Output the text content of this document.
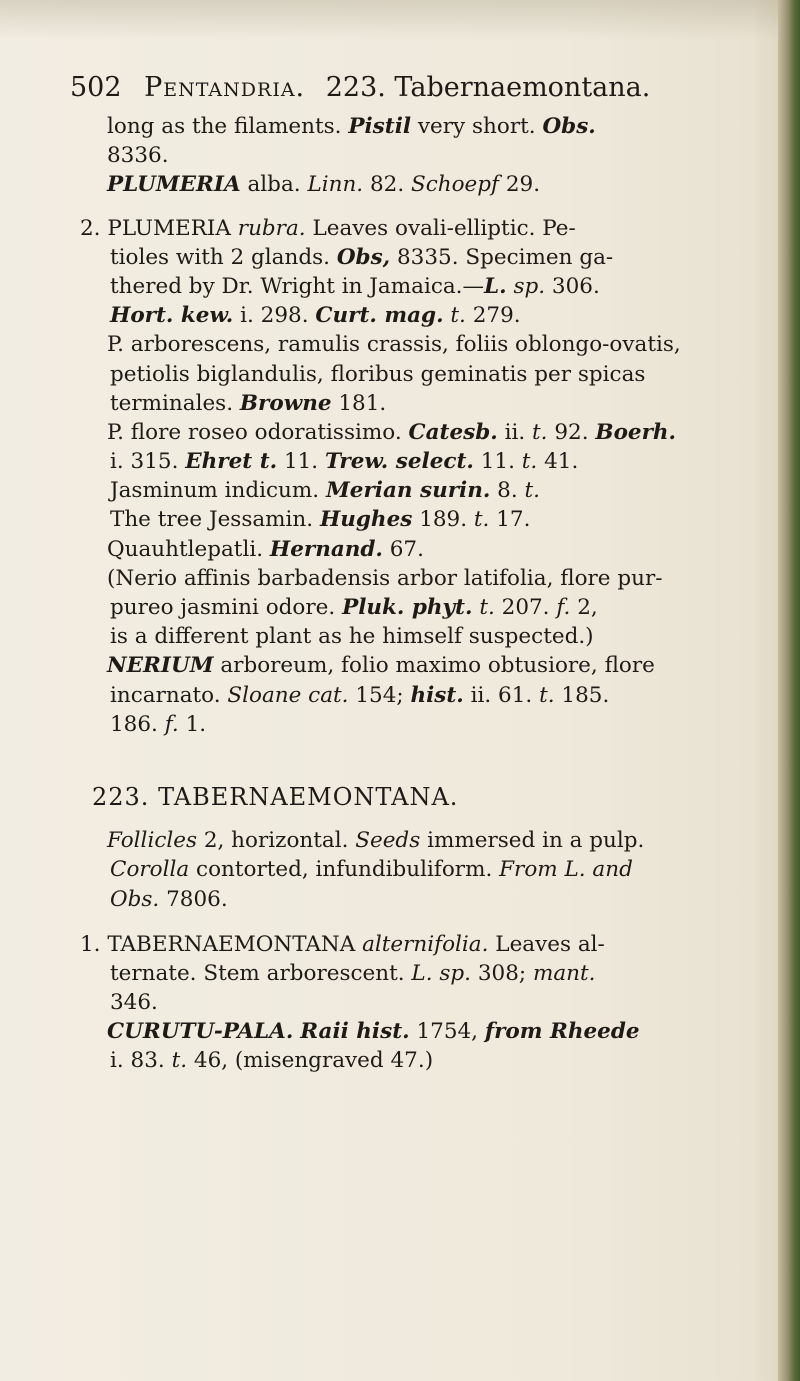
502 Pentandria. 223. Tabernaemontana.
long as the filaments. Pistil very short. Obs.
8336.
PLUMERIA alba. Linn. 82. Schoepf 29.
2. PLUMERIA rubra. Leaves ovali-elliptic. Pe-
tioles with 2 glands. Obs, 8335. Specimen ga-
thered by Dr. Wright in Jamaica.—L. sp. 306.
Hort. kew. i. 298. Curt. mag. t. 279.
P. arborescens, ramulis crassis, foliis oblongo-ovatis,
petiolis biglandulis, floribus geminatis per spicas
terminales. Browne 181.
P. flore roseo odoratissimo. Catesb. ii. t. 92. Boerh.
i. 315. Ehret t. 11. Trew. select. 11. t. 41.
Jasminum indicum. Merian surin. 8. t.
The tree Jessamin. Hughes 189. t. 17.
Quauhtlepatli. Hernand. 67.
(Nerio affinis barbadensis arbor latifolia, flore pur-
pureo jasmini odore. Pluk. phyt. t. 207. f. 2,
is a different plant as he himself suspected.)
NERIUM arboreum, folio maximo obtusiore, flore
incarnato. Sloane cat. 154; hist. ii. 61. t. 185.
186. f. 1.
223. TABERNAEMONTANA.
Follicles 2, horizontal. Seeds immersed in a pulp.
Corolla contorted, infundibuliform. From L. and
Obs. 7806.
1. TABERNAEMONTANA alternifolia. Leaves al-
ternate. Stem arborescent. L. sp. 308; mant.
346.
CURUTU-PALA. Raii hist. 1754, from Rheede
i. 83. t. 46, (misengraved 47.)
